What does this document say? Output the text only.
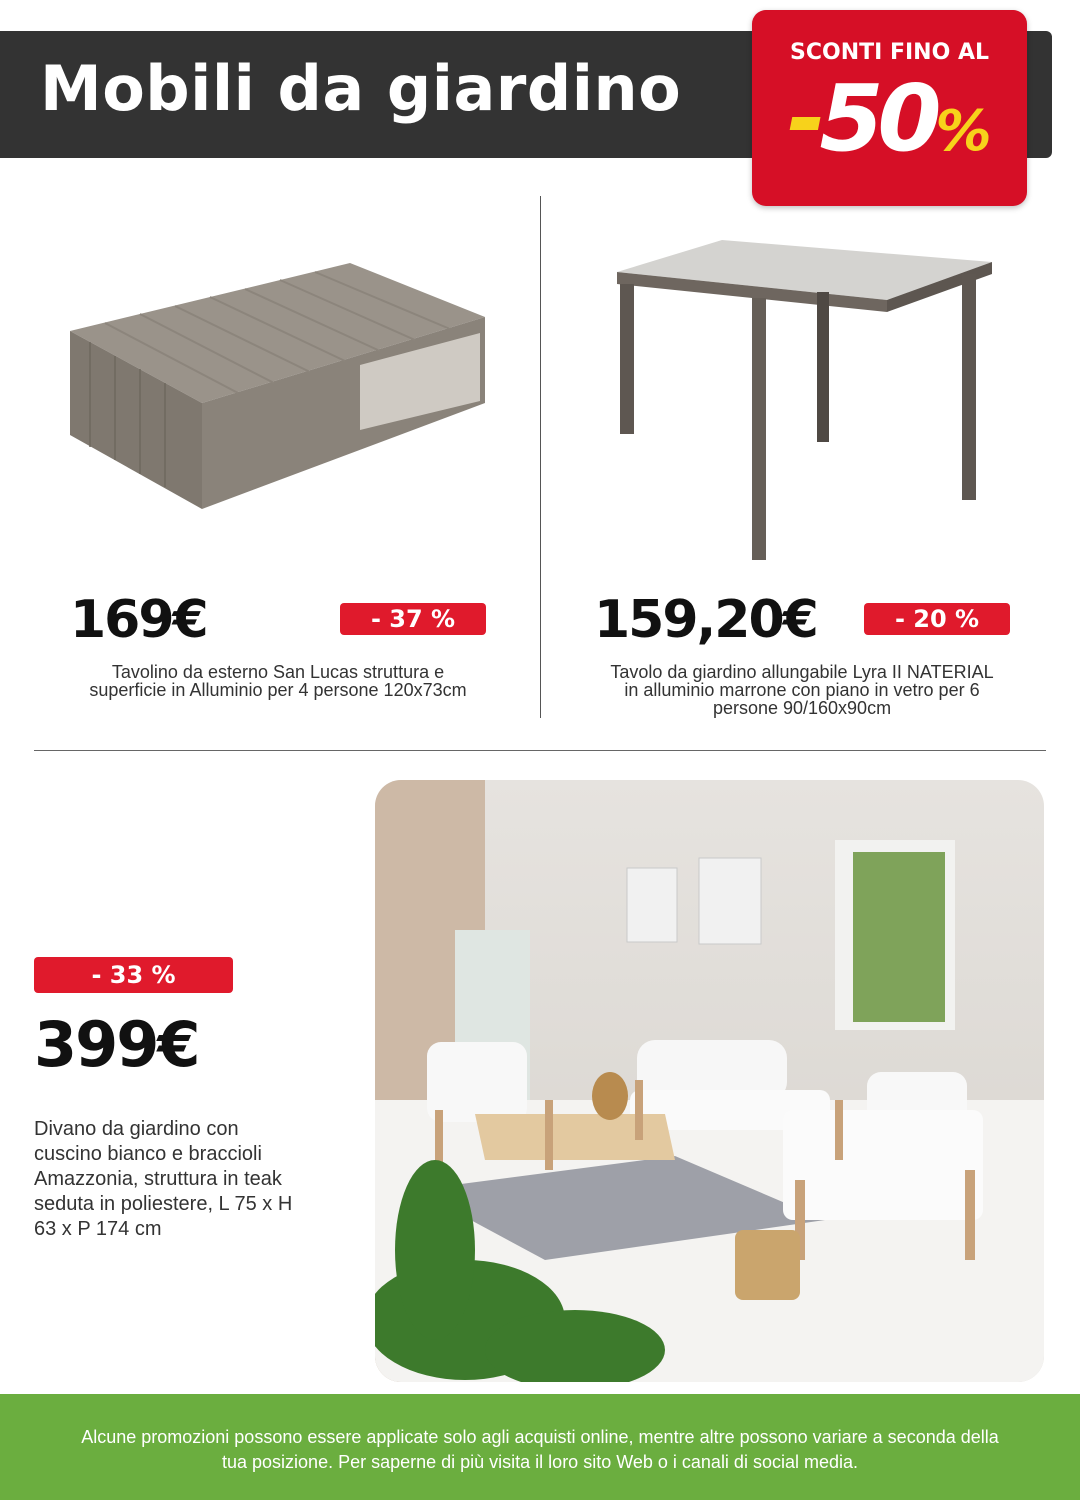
Mobili da giardino	SCONTI FINO AL
-50%
169€	- 37 %
Tavolino da esterno San Lucas struttura e superficie in Alluminio per 4 persone 120x73cm
159,20€	- 20 %
Tavolo da giardino allungabile Lyra II NATERIAL in alluminio marrone con piano in vetro per 6 persone 90/160x90cm
- 33 %
399€
Divano da giardino con cuscino bianco e braccioli Amazzonia, struttura in teak seduta in poliestere, L 75 x H 63 x P 174 cm
Alcune promozioni possono essere applicate solo agli acquisti online, mentre altre possono variare a seconda della tua posizione. Per saperne di più visita il loro sito Web o i canali di social media.
